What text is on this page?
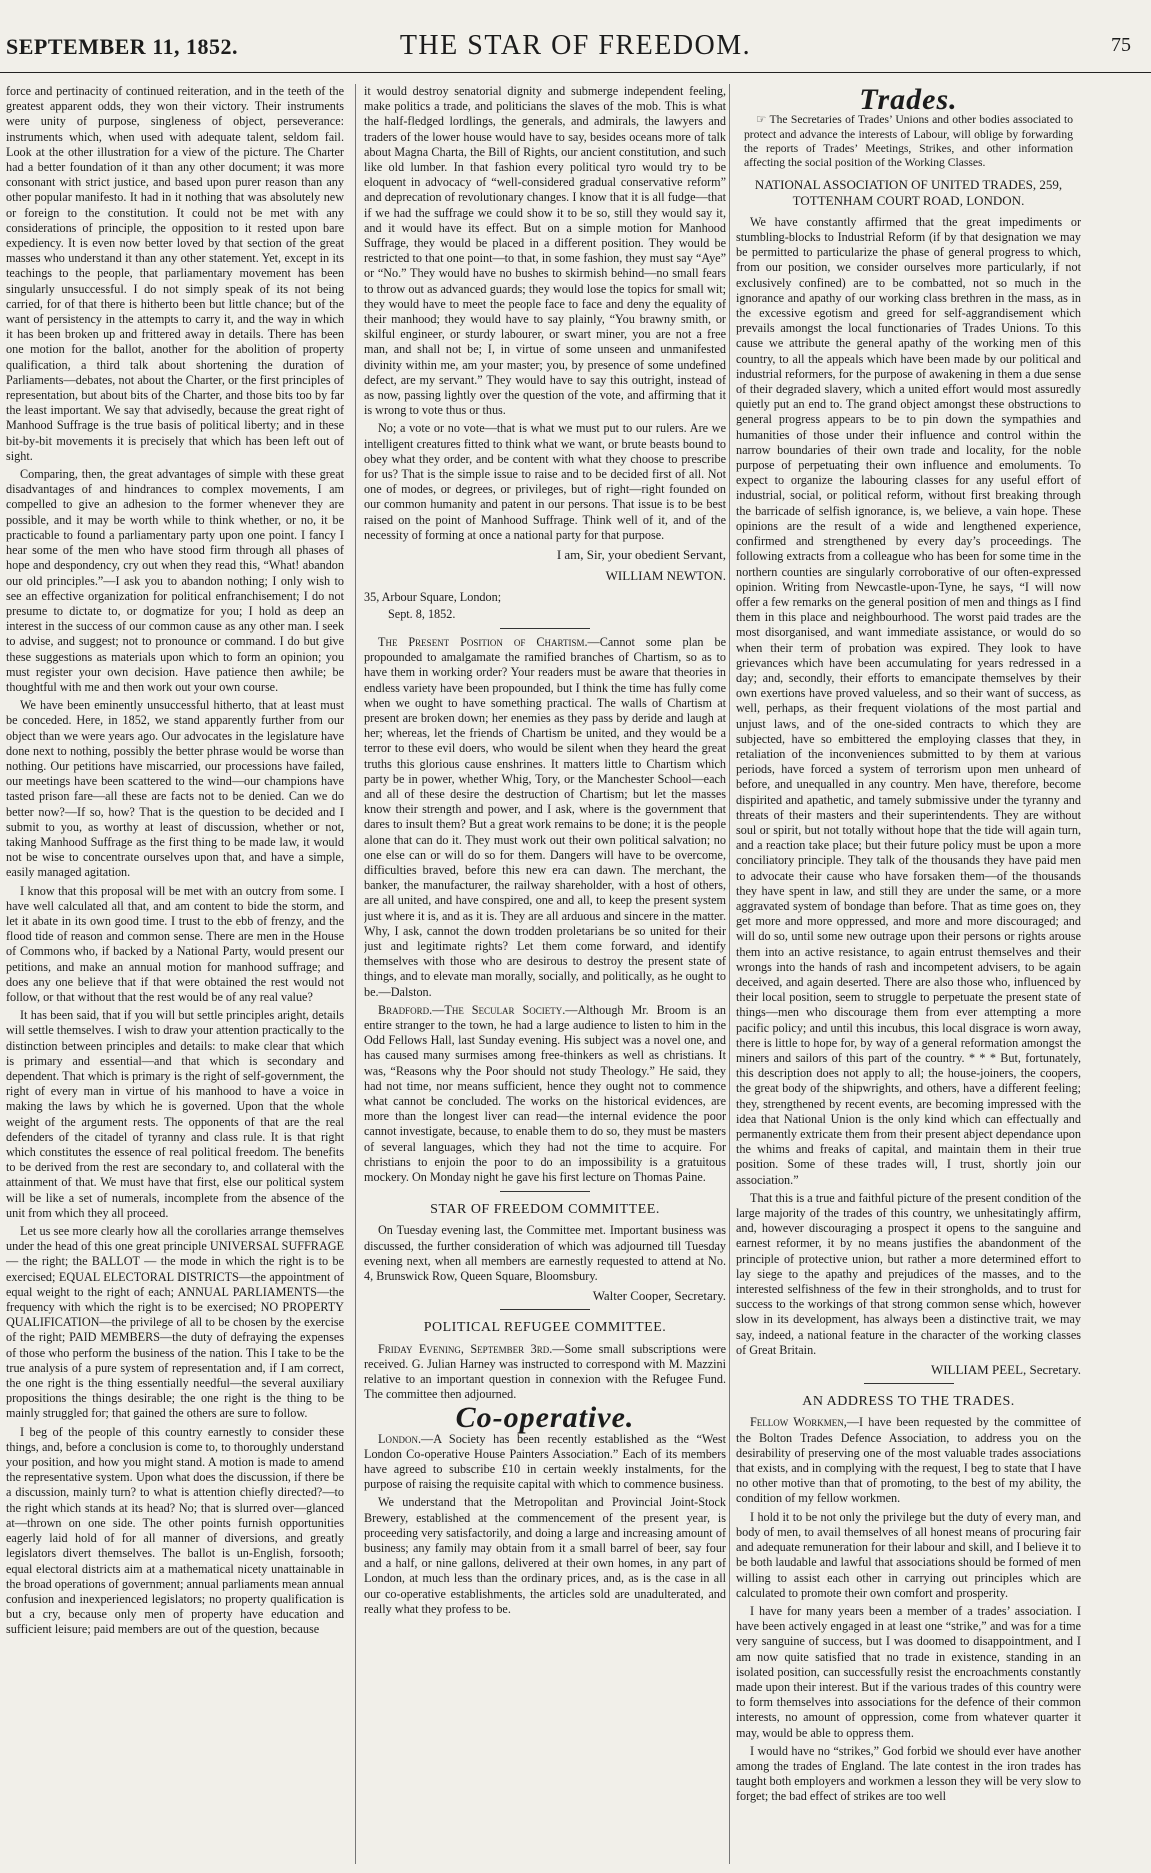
SEPTEMBER 11, 1852.	THE STAR OF FREEDOM.	75

force and pertinacity of continued reiteration, and in the teeth of the greatest apparent odds, they won their victory. Their instruments were unity of purpose, singleness of object, perseverance: instruments which, when used with adequate talent, seldom fail. Look at the other illustration for a view of the picture. The Charter had a better foundation of it than any other document; it was more consonant with strict justice, and based upon purer reason than any other popular manifesto. It had in it nothing that was absolutely new or foreign to the constitution. It could not be met with any considerations of principle, the opposition to it rested upon bare expediency. It is even now better loved by that section of the great masses who understand it than any other statement. Yet, except in its teachings to the people, that parliamentary movement has been singularly unsuccessful. I do not simply speak of its not being carried, for of that there is hitherto been but little chance; but of the want of persistency in the attempts to carry it, and the way in which it has been broken up and frittered away in details. There has been one motion for the ballot, another for the abolition of property qualification, a third talk about shortening the duration of Parliaments—debates, not about the Charter, or the first principles of representation, but about bits of the Charter, and those bits too by far the least important. We say that advisedly, because the great right of Manhood Suffrage is the true basis of political liberty; and in these bit-by-bit movements it is precisely that which has been left out of sight.

Comparing, then, the great advantages of simple with these great disadvantages of and hindrances to complex movements, I am compelled to give an adhesion to the former whenever they are possible, and it may be worth while to think whether, or no, it be practicable to found a parliamentary party upon one point. I fancy I hear some of the men who have stood firm through all phases of hope and despondency, cry out when they read this, “What! abandon our old principles.”—I ask you to abandon nothing; I only wish to see an effective organization for political enfranchisement; I do not presume to dictate to, or dogmatize for you; I hold as deep an interest in the success of our common cause as any other man. I seek to advise, and suggest; not to pronounce or command. I do but give these suggestions as materials upon which to form an opinion; you must register your own decision. Have patience then awhile; be thoughtful with me and then work out your own course.

We have been eminently unsuccessful hitherto, that at least must be conceded. Here, in 1852, we stand apparently further from our object than we were years ago. Our advocates in the legislature have done next to nothing, possibly the better phrase would be worse than nothing. Our petitions have miscarried, our processions have failed, our meetings have been scattered to the wind—our champions have tasted prison fare—all these are facts not to be denied. Can we do better now?—If so, how? That is the question to be decided and I submit to you, as worthy at least of discussion, whether or not, taking Manhood Suffrage as the first thing to be made law, it would not be wise to concentrate ourselves upon that, and have a simple, easily managed agitation.

I know that this proposal will be met with an outcry from some. I have well calculated all that, and am content to bide the storm, and let it abate in its own good time. I trust to the ebb of frenzy, and the flood tide of reason and common sense. There are men in the House of Commons who, if backed by a National Party, would present our petitions, and make an annual motion for manhood suffrage; and does any one believe that if that were obtained the rest would not follow, or that without that the rest would be of any real value?

It has been said, that if you will but settle principles aright, details will settle themselves. I wish to draw your attention practically to the distinction between principles and details: to make clear that which is primary and essential—and that which is secondary and dependent. That which is primary is the right of self-government, the right of every man in virtue of his manhood to have a voice in making the laws by which he is governed. Upon that the whole weight of the argument rests. The opponents of that are the real defenders of the citadel of tyranny and class rule. It is that right which constitutes the essence of real political freedom. The benefits to be derived from the rest are secondary to, and collateral with the attainment of that. We must have that first, else our political system will be like a set of numerals, incomplete from the absence of the unit from which they all proceed.

Let us see more clearly how all the corollaries arrange themselves under the head of this one great principle UNIVERSAL SUFFRAGE — the right; the BALLOT — the mode in which the right is to be exercised; EQUAL ELECTORAL DISTRICTS—the appointment of equal weight to the right of each; ANNUAL PARLIAMENTS—the frequency with which the right is to be exercised; NO PROPERTY QUALIFICATION—the privilege of all to be chosen by the exercise of the right; PAID MEMBERS—the duty of defraying the expenses of those who perform the business of the nation. This I take to be the true analysis of a pure system of representation and, if I am correct, the one right is the thing essentially needful—the several auxiliary propositions the things desirable; the one right is the thing to be mainly struggled for; that gained the others are sure to follow.

I beg of the people of this country earnestly to consider these things, and, before a conclusion is come to, to thoroughly understand your position, and how you might stand. A motion is made to amend the representative system. Upon what does the discussion, if there be a discussion, mainly turn? to what is attention chiefly directed?—to the right which stands at its head? No; that is slurred over—glanced at—thrown on one side. The other points furnish opportunities eagerly laid hold of for all manner of diversions, and greatly legislators divert themselves. The ballot is un-English, forsooth; equal electoral districts aim at a mathematical nicety unattainable in the broad operations of government; annual parliaments mean annual confusion and inexperienced legislators; no property qualification is but a cry, because only men of property have education and sufficient leisure; paid members are out of the question, because

it would destroy senatorial dignity and submerge independent feeling, make politics a trade, and politicians the slaves of the mob. This is what the half-fledged lordlings, the generals, and admirals, the lawyers and traders of the lower house would have to say, besides oceans more of talk about Magna Charta, the Bill of Rights, our ancient constitution, and such like old lumber. In that fashion every political tyro would try to be eloquent in advocacy of “well-considered gradual conservative reform” and deprecation of revolutionary changes. I know that it is all fudge—that if we had the suffrage we could show it to be so, still they would say it, and it would have its effect. But on a simple motion for Manhood Suffrage, they would be placed in a different position. They would be restricted to that one point—to that, in some fashion, they must say “Aye” or “No.” They would have no bushes to skirmish behind—no small fears to throw out as advanced guards; they would lose the topics for small wit; they would have to meet the people face to face and deny the equality of their manhood; they would have to say plainly, “You brawny smith, or skilful engineer, or sturdy labourer, or swart miner, you are not a free man, and shall not be; I, in virtue of some unseen and unmanifested divinity within me, am your master; you, by presence of some undefined defect, are my servant.” They would have to say this outright, instead of as now, passing lightly over the question of the vote, and affirming that it is wrong to vote thus or thus.

No; a vote or no vote—that is what we must put to our rulers. Are we intelligent creatures fitted to think what we want, or brute beasts bound to obey what they order, and be content with what they choose to prescribe for us? That is the simple issue to raise and to be decided first of all. Not one of modes, or degrees, or privileges, but of right—right founded on our common humanity and patent in our persons. That issue is to be best raised on the point of Manhood Suffrage. Think well of it, and of the necessity of forming at once a national party for that purpose.

I am, Sir, your obedient Servant,
WILLIAM NEWTON.

35, Arbour Square, London;

Sept. 8, 1852.

The Present Position of Chartism.—Cannot some plan be propounded to amalgamate the ramified branches of Chartism, so as to have them in working order? Your readers must be aware that theories in endless variety have been propounded, but I think the time has fully come when we ought to have something practical. The walls of Chartism at present are broken down; her enemies as they pass by deride and laugh at her; whereas, let the friends of Chartism be united, and they would be a terror to these evil doers, who would be silent when they heard the great truths this glorious cause enshrines. It matters little to Chartism which party be in power, whether Whig, Tory, or the Manchester School—each and all of these desire the destruction of Chartism; but let the masses know their strength and power, and I ask, where is the government that dares to insult them? But a great work remains to be done; it is the people alone that can do it. They must work out their own political salvation; no one else can or will do so for them. Dangers will have to be overcome, difficulties braved, before this new era can dawn. The merchant, the banker, the manufacturer, the railway shareholder, with a host of others, are all united, and have conspired, one and all, to keep the present system just where it is, and as it is. They are all arduous and sincere in the matter. Why, I ask, cannot the down trodden proletarians be so united for their just and legitimate rights? Let them come forward, and identify themselves with those who are desirous to destroy the present state of things, and to elevate man morally, socially, and politically, as he ought to be.—Dalston.

Bradford.—The Secular Society.—Although Mr. Broom is an entire stranger to the town, he had a large audience to listen to him in the Odd Fellows Hall, last Sunday evening. His subject was a novel one, and has caused many surmises among free-thinkers as well as christians. It was, “Reasons why the Poor should not study Theology.” He said, they had not time, nor means sufficient, hence they ought not to commence what cannot be concluded. The works on the historical evidences, are more than the longest liver can read—the internal evidence the poor cannot investigate, because, to enable them to do so, they must be masters of several languages, which they had not the time to acquire. For christians to enjoin the poor to do an impossibility is a gratuitous mockery. On Monday night he gave his first lecture on Thomas Paine.

STAR OF FREEDOM COMMITTEE.

On Tuesday evening last, the Committee met. Important business was discussed, the further consideration of which was adjourned till Tuesday evening next, when all members are earnestly requested to attend at No. 4, Brunswick Row, Queen Square, Bloomsbury.

Walter Cooper, Secretary.
POLITICAL REFUGEE COMMITTEE.

Friday Evening, September 3rd.—Some small subscriptions were received. G. Julian Harney was instructed to correspond with M. Mazzini relative to an important question in connexion with the Refugee Fund. The committee then adjourned.

Co-operative.

London.—A Society has been recently established as the “West London Co-operative House Painters Association.” Each of its members have agreed to subscribe £10 in certain weekly instalments, for the purpose of raising the requisite capital with which to commence business.

We understand that the Metropolitan and Provincial Joint-Stock Brewery, established at the commencement of the present year, is proceeding very satisfactorily, and doing a large and increasing amount of business; any family may obtain from it a small barrel of beer, say four and a half, or nine gallons, delivered at their own homes, in any part of London, at much less than the ordinary prices, and, as is the case in all our co-operative establishments, the articles sold are unadulterated, and really what they profess to be.

Trades.

☞ The Secretaries of Trades’ Unions and other bodies associated to protect and advance the interests of Labour, will oblige by forwarding the reports of Trades’ Meetings, Strikes, and other information affecting the social position of the Working Classes.

NATIONAL ASSOCIATION OF UNITED TRADES, 259,
TOTTENHAM COURT ROAD, LONDON.

We have constantly affirmed that the great impediments or stumbling-blocks to Industrial Reform (if by that designation we may be permitted to particularize the phase of general progress to which, from our position, we consider ourselves more particularly, if not exclusively confined) are to be combatted, not so much in the ignorance and apathy of our working class brethren in the mass, as in the excessive egotism and greed for self-aggrandisement which prevails amongst the local functionaries of Trades Unions. To this cause we attribute the general apathy of the working men of this country, to all the appeals which have been made by our political and industrial reformers, for the purpose of awakening in them a due sense of their degraded slavery, which a united effort would most assuredly quietly put an end to. The grand object amongst these obstructions to general progress appears to be to pin down the sympathies and humanities of those under their influence and control within the narrow boundaries of their own trade and locality, for the noble purpose of perpetuating their own influence and emoluments. To expect to organize the labouring classes for any useful effort of industrial, social, or political reform, without first breaking through the barricade of selfish ignorance, is, we believe, a vain hope. These opinions are the result of a wide and lengthened experience, confirmed and strengthened by every day’s proceedings. The following extracts from a colleague who has been for some time in the northern counties are singularly corroborative of our often-expressed opinion. Writing from Newcastle-upon-Tyne, he says, “I will now offer a few remarks on the general position of men and things as I find them in this place and neighbourhood. The worst paid trades are the most disorganised, and want immediate assistance, or would do so when their term of probation was expired. They look to have grievances which have been accumulating for years redressed in a day; and, secondly, their efforts to emancipate themselves by their own exertions have proved valueless, and so their want of success, as well, perhaps, as their frequent violations of the most partial and unjust laws, and of the one-sided contracts to which they are subjected, have so embittered the employing classes that they, in retaliation of the inconveniences submitted to by them at various periods, have forced a system of terrorism upon men unheard of before, and unequalled in any country. Men have, therefore, become dispirited and apathetic, and tamely submissive under the tyranny and threats of their masters and their superintendents. They are without soul or spirit, but not totally without hope that the tide will again turn, and a reaction take place; but their future policy must be upon a more conciliatory principle. They talk of the thousands they have paid men to advocate their cause who have forsaken them—of the thousands they have spent in law, and still they are under the same, or a more aggravated system of bondage than before. That as time goes on, they get more and more oppressed, and more and more discouraged; and will do so, until some new outrage upon their persons or rights arouse them into an active resistance, to again entrust themselves and their wrongs into the hands of rash and incompetent advisers, to be again deceived, and again deserted. There are also those who, influenced by their local position, seem to struggle to perpetuate the present state of things—men who discourage them from ever attempting a more pacific policy; and until this incubus, this local disgrace is worn away, there is little to hope for, by way of a general reformation amongst the miners and sailors of this part of the country. * * * But, fortunately, this description does not apply to all; the house-joiners, the coopers, the great body of the shipwrights, and others, have a different feeling; they, strengthened by recent events, are becoming impressed with the idea that National Union is the only kind which can effectually and permanently extricate them from their present abject dependance upon the whims and freaks of capital, and maintain them in their true position. Some of these trades will, I trust, shortly join our association.”

That this is a true and faithful picture of the present condition of the large majority of the trades of this country, we unhesitatingly affirm, and, however discouraging a prospect it opens to the sanguine and earnest reformer, it by no means justifies the abandonment of the principle of protective union, but rather a more determined effort to lay siege to the apathy and prejudices of the masses, and to the interested selfishness of the few in their strongholds, and to trust for success to the workings of that strong common sense which, however slow in its development, has always been a distinctive trait, we may say, indeed, a national feature in the character of the working classes of Great Britain.

WILLIAM PEEL, Secretary.
AN ADDRESS TO THE TRADES.

Fellow Workmen,—I have been requested by the committee of the Bolton Trades Defence Association, to address you on the desirability of preserving one of the most valuable trades associations that exists, and in complying with the request, I beg to state that I have no other motive than that of promoting, to the best of my ability, the condition of my fellow workmen.

I hold it to be not only the privilege but the duty of every man, and body of men, to avail themselves of all honest means of procuring fair and adequate remuneration for their labour and skill, and I believe it to be both laudable and lawful that associations should be formed of men willing to assist each other in carrying out principles which are calculated to promote their own comfort and prosperity.

I have for many years been a member of a trades’ association. I have been actively engaged in at least one “strike,” and was for a time very sanguine of success, but I was doomed to disappointment, and I am now quite satisfied that no trade in existence, standing in an isolated position, can successfully resist the encroachments constantly made upon their interest. But if the various trades of this country were to form themselves into associations for the defence of their common interests, no amount of oppression, come from whatever quarter it may, would be able to oppress them.

I would have no “strikes,” God forbid we should ever have another among the trades of England. The late contest in the iron trades has taught both employers and workmen a lesson they will be very slow to forget; the bad effect of strikes are too well
